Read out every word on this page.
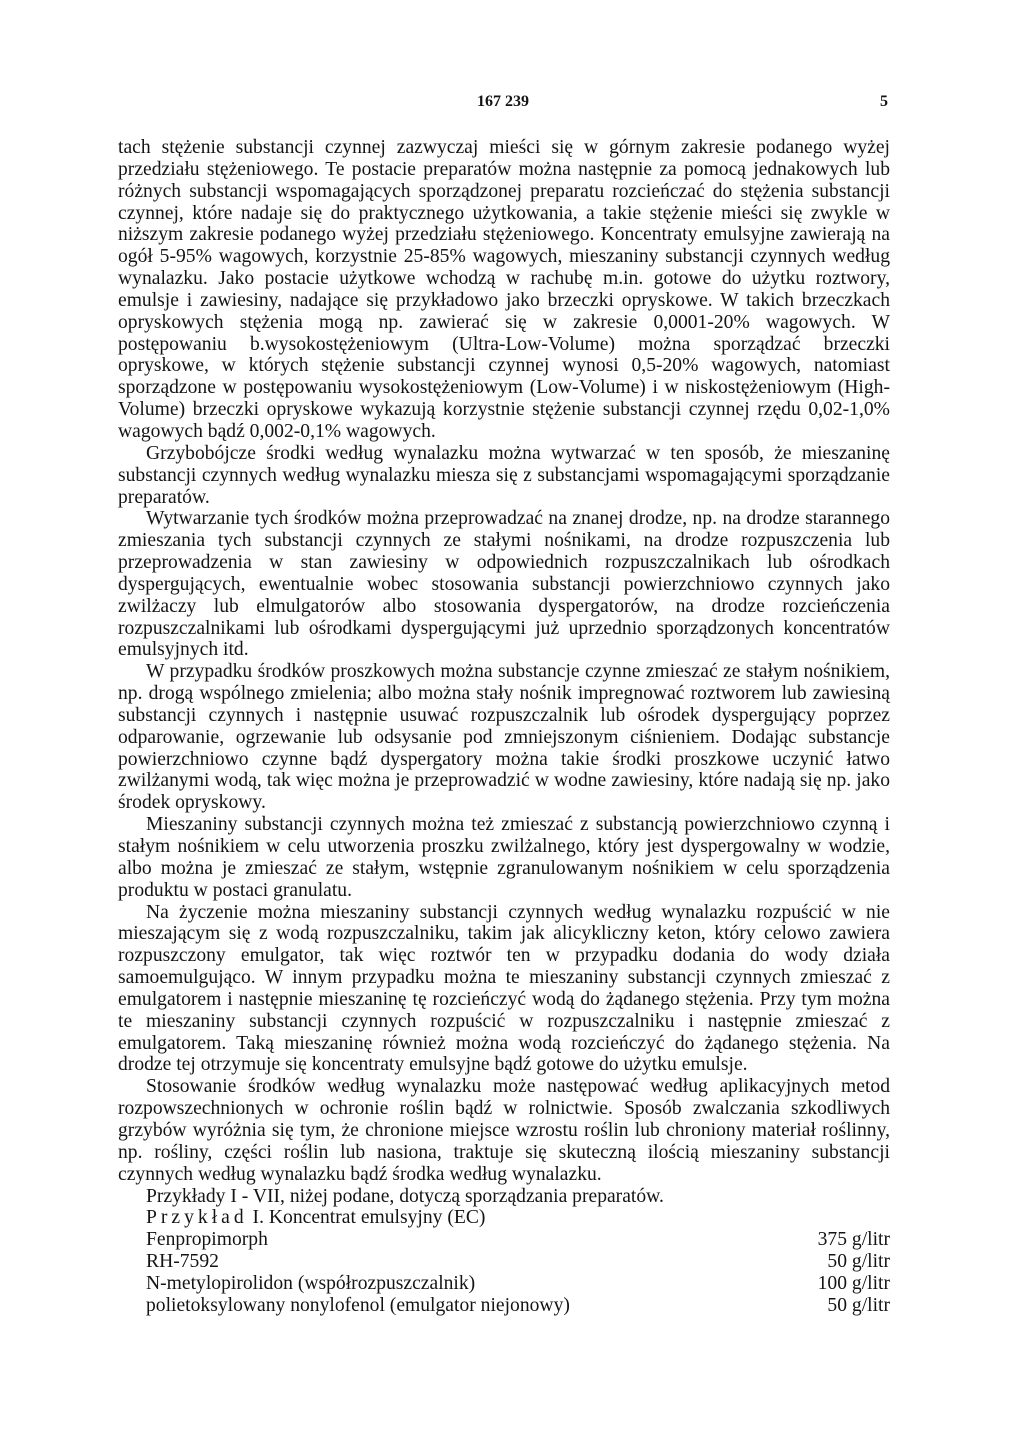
167 239	5

tach stężenie substancji czynnej zazwyczaj mieści się w górnym zakresie podanego wyżej przedziału stężeniowego. Te postacie preparatów można następnie za pomocą jednakowych lub różnych substancji wspomagających sporządzonej preparatu rozcieńczać do stężenia substancji czynnej, które nadaje się do praktycznego użytkowania, a takie stężenie mieści się zwykle w niższym zakresie podanego wyżej przedziału stężeniowego. Koncentraty emulsyjne zawierają na ogół 5-95% wagowych, korzystnie 25-85% wagowych, mieszaniny substancji czynnych według wynalazku. Jako postacie użytkowe wchodzą w rachubę m.in. gotowe do użytku roztwory, emulsje i zawiesiny, nadające się przykładowo jako brzeczki opryskowe. W takich brzeczkach opryskowych stężenia mogą np. zawierać się w zakresie 0,0001-20% wagowych. W postępowaniu b.wysokostężeniowym (Ultra-Low-Volume) można sporządzać brzeczki opryskowe, w których stężenie substancji czynnej wynosi 0,5-20% wagowych, natomiast sporządzone w postępowaniu wysokostężeniowym (Low-Volume) i w niskostężeniowym (High-Volume) brzeczki opryskowe wykazują korzystnie stężenie substancji czynnej rzędu 0,02-1,0% wagowych bądź 0,002-0,1% wagowych.

Grzybobójcze środki według wynalazku można wytwarzać w ten sposób, że mieszaninę substancji czynnych według wynalazku miesza się z substancjami wspomagającymi sporządzanie preparatów.

Wytwarzanie tych środków można przeprowadzać na znanej drodze, np. na drodze starannego zmieszania tych substancji czynnych ze stałymi nośnikami, na drodze rozpuszczenia lub przeprowadzenia w stan zawiesiny w odpowiednich rozpuszczalnikach lub ośrodkach dyspergujących, ewentualnie wobec stosowania substancji powierzchniowo czynnych jako zwilżaczy lub elmulgatorów albo stosowania dyspergatorów, na drodze rozcieńczenia rozpuszczalnikami lub ośrodkami dyspergującymi już uprzednio sporządzonych koncentratów emulsyjnych itd.

W przypadku środków proszkowych można substancje czynne zmieszać ze stałym nośnikiem, np. drogą wspólnego zmielenia; albo można stały nośnik impregnować roztworem lub zawiesiną substancji czynnych i następnie usuwać rozpuszczalnik lub ośrodek dyspergujący poprzez odparowanie, ogrzewanie lub odsysanie pod zmniejszonym ciśnieniem. Dodając substancje powierzchniowo czynne bądź dyspergatory można takie środki proszkowe uczynić łatwo zwilżanymi wodą, tak więc można je przeprowadzić w wodne zawiesiny, które nadają się np. jako środek opryskowy.

Mieszaniny substancji czynnych można też zmieszać z substancją powierzchniowo czynną i stałym nośnikiem w celu utworzenia proszku zwilżalnego, który jest dyspergowalny w wodzie, albo można je zmieszać ze stałym, wstępnie zgranulowanym nośnikiem w celu sporządzenia produktu w postaci granulatu.

Na życzenie można mieszaniny substancji czynnych według wynalazku rozpuścić w nie mieszającym się z wodą rozpuszczalniku, takim jak alicykliczny keton, który celowo zawiera rozpuszczony emulgator, tak więc roztwór ten w przypadku dodania do wody działa samoemulgująco. W innym przypadku można te mieszaniny substancji czynnych zmieszać z emulgatorem i następnie mieszaninę tę rozcieńczyć wodą do żądanego stężenia. Przy tym można te mieszaniny substancji czynnych rozpuścić w rozpuszczalniku i następnie zmieszać z emulgatorem. Taką mieszaninę również można wodą rozcieńczyć do żądanego stężenia. Na drodze tej otrzymuje się koncentraty emulsyjne bądź gotowe do użytku emulsje.

Stosowanie środków według wynalazku może następować według aplikacyjnych metod rozpowszechnionych w ochronie roślin bądź w rolnictwie. Sposób zwalczania szkodliwych grzybów wyróżnia się tym, że chronione miejsce wzrostu roślin lub chroniony materiał roślinny, np. rośliny, części roślin lub nasiona, traktuje się skuteczną ilością mieszaniny substancji czynnych według wynalazku bądź środka według wynalazku.

Przykłady I - VII, niżej podane, dotyczą sporządzania preparatów.

Przykład I. Koncentrat emulsyjny (EC)

Fenpropimorph	375 g/litr
RH-7592	50 g/litr
N-metylopirolidon (współrozpuszczalnik)	100 g/litr
polietoksylowany nonylofenol (emulgator niejonowy)	50 g/litr
